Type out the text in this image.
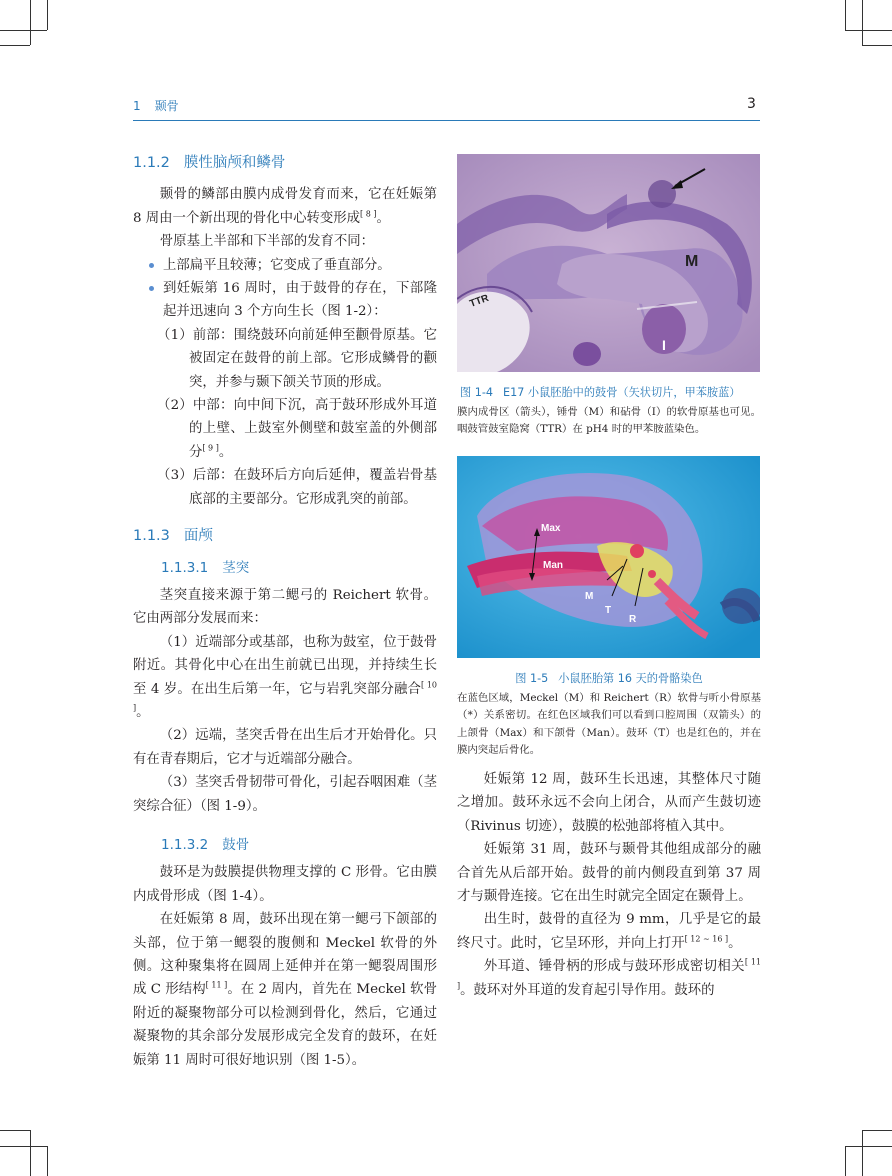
1 颞骨	3

1.1.2 膜性脑颅和鳞骨

颞骨的鳞部由膜内成骨发育而来，它在妊娠第 8 周由一个新出现的骨化中心转变形成[ 8 ]。

骨原基上半部和下半部的发育不同：

上部扁平且较薄；它变成了垂直部分。

到妊娠第 16 周时，由于鼓骨的存在，下部隆起并迅速向 3 个方向生长（图 1-2）：

（1）前部：围绕鼓环向前延伸至颧骨原基。它被固定在鼓骨的前上部。它形成鳞骨的颧突，并参与颞下颌关节顶的形成。

（2）中部：向中间下沉，高于鼓环形成外耳道的上壁、上鼓室外侧壁和鼓室盖的外侧部分[ 9 ]。

（3）后部：在鼓环后方向后延伸，覆盖岩骨基底部的主要部分。它形成乳突的前部。

1.1.3 面颅

1.1.3.1 茎突

茎突直接来源于第二鳃弓的 Reichert 软骨。它由两部分发展而来：

（1）近端部分或基部，也称为鼓室，位于鼓骨附近。其骨化中心在出生前就已出现，并持续生长至 4 岁。在出生后第一年，它与岩乳突部分融合[ 10 ]。

（2）远端，茎突舌骨在出生后才开始骨化。只有在青春期后，它才与近端部分融合。

（3）茎突舌骨韧带可骨化，引起吞咽困难（茎突综合征）（图 1-9）。

1.1.3.2 鼓骨

鼓环是为鼓膜提供物理支撑的 C 形骨。它由膜内成骨形成（图 1-4）。

在妊娠第 8 周，鼓环出现在第一鳃弓下颌部的头部，位于第一鳃裂的腹侧和 Meckel 软骨的外侧。这种聚集将在圆周上延伸并在第一鳃裂周围形成 C 形结构[ 11 ]。在 2 周内，首先在 Meckel 软骨附近的凝聚物部分可以检测到骨化，然后，它通过凝聚物的其余部分发展形成完全发育的鼓环，在妊娠第 11 周时可很好地识别（图 1-5）。

妊娠第 12 周，鼓环生长迅速，其整体尺寸随之增加。鼓环永远不会向上闭合，从而产生鼓切迹（Rivinus 切迹），鼓膜的松弛部将植入其中。

妊娠第 31 周，鼓环与颞骨其他组成部分的融合首先从后部开始。鼓骨的前内侧段直到第 37 周才与颞骨连接。它在出生时就完全固定在颞骨上。

出生时，鼓骨的直径为 9 mm，几乎是它的最终尺寸。此时，它呈环形，并向上打开[ 12 ~ 16 ]。

外耳道、锤骨柄的形成与鼓环形成密切相关[ 11 ]。鼓环对外耳道的发育起引导作用。鼓环的

M
I
TTR
图 1-4 E17 小鼠胚胎中的鼓骨（矢状切片，甲苯胺蓝）
膜内成骨区（箭头），锤骨（M）和砧骨（I）的软骨原基也可见。咽鼓管鼓室隐窝（TTR）在 pH4 时的甲苯胺蓝染色。
Max
Man
M
T
R
图 1-5 小鼠胚胎第 16 天的骨骼染色
在蓝色区域，Meckel（M）和 Reichert（R）软骨与听小骨原基（*）关系密切。在红色区域我们可以看到口腔周围（双箭头）的上颌骨（Max）和下颌骨（Man）。鼓环（T）也是红色的，并在膜内突起后骨化。
